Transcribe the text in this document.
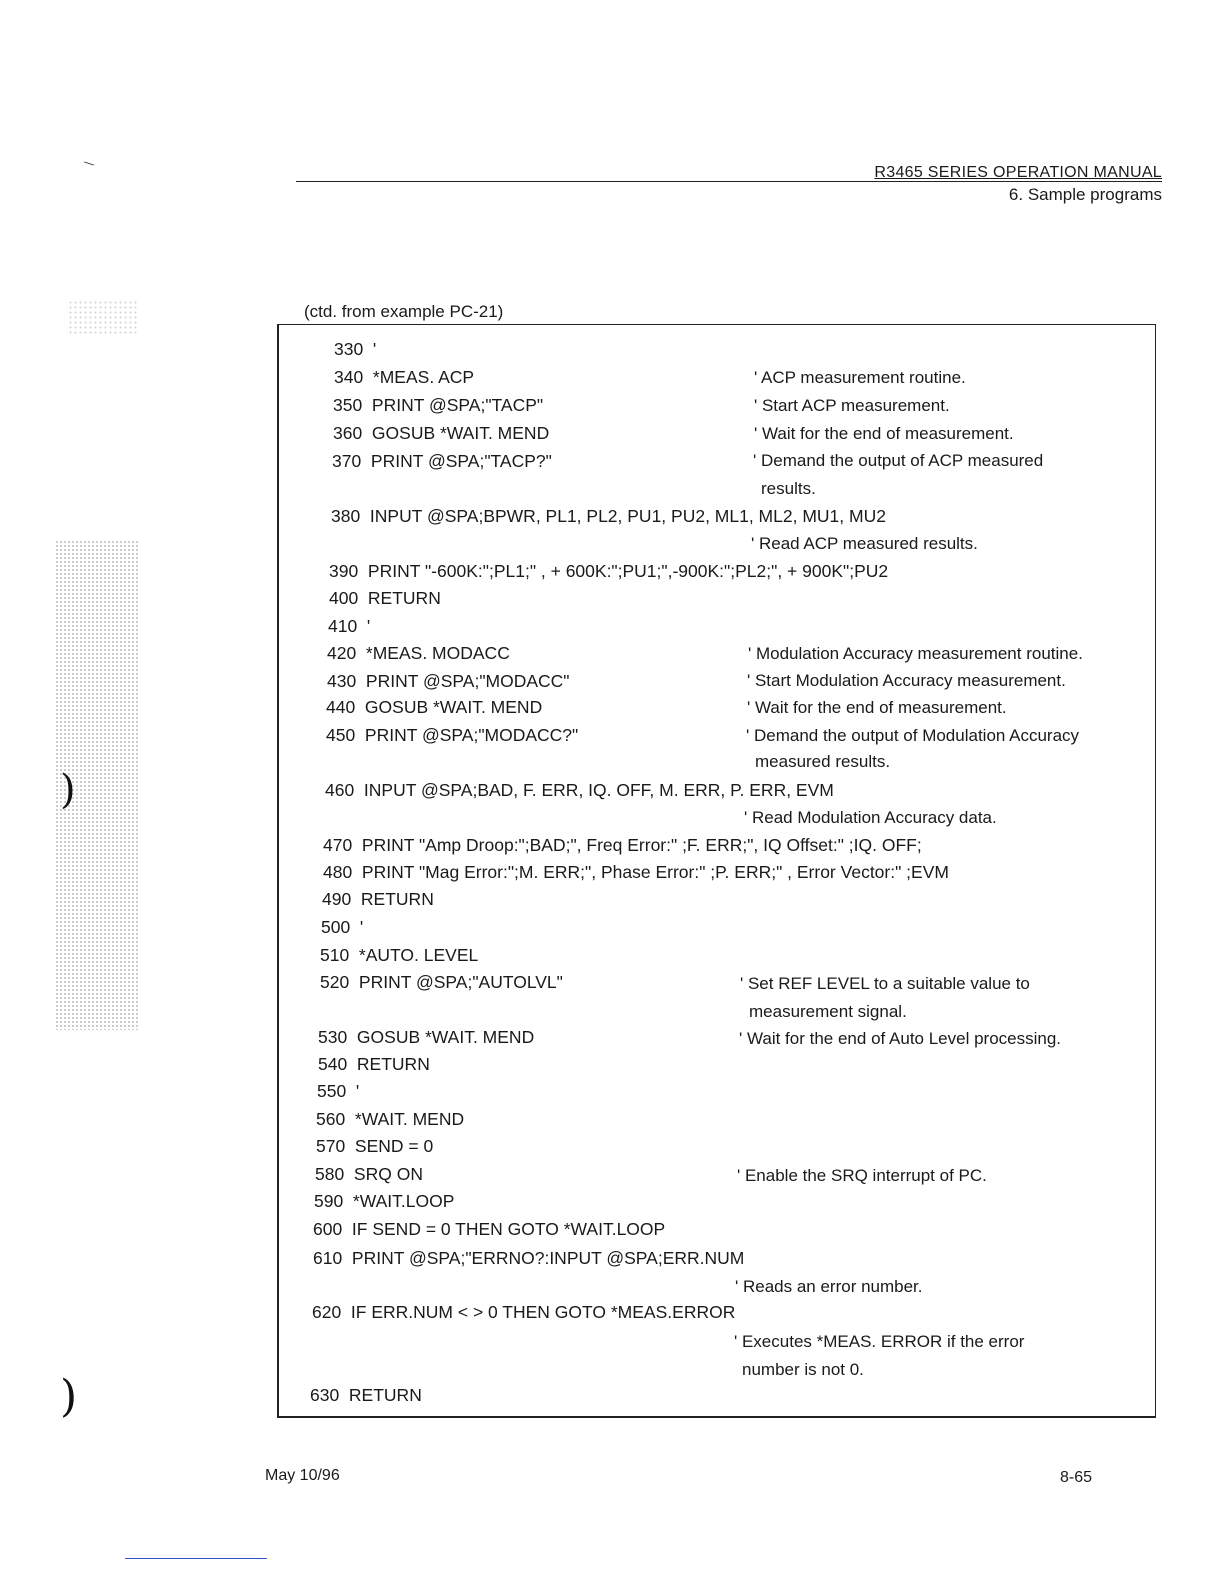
)
)
R3465 SERIES OPERATION MANUAL
6. Sample programs
(ctd. from example PC-21)
330  '
340  *MEAS. ACP
350  PRINT @SPA;"TACP"
360  GOSUB *WAIT. MEND
370  PRINT @SPA;"TACP?"
380  INPUT @SPA;BPWR, PL1, PL2, PU1, PU2, ML1, ML2, MU1, MU2
390  PRINT "-600K:";PL1;" , + 600K:";PU1;",-900K:";PL2;", + 900K";PU2
400  RETURN
410  '
420  *MEAS. MODACC
430  PRINT @SPA;"MODACC"
440  GOSUB *WAIT. MEND
450  PRINT @SPA;"MODACC?"
460  INPUT @SPA;BAD, F. ERR, IQ. OFF, M. ERR, P. ERR, EVM
470  PRINT "Amp Droop:";BAD;", Freq Error:" ;F. ERR;", IQ Offset:" ;IQ. OFF;
480  PRINT "Mag Error:";M. ERR;", Phase Error:" ;P. ERR;" , Error Vector:" ;EVM
490  RETURN
500  '
510  *AUTO. LEVEL
520  PRINT @SPA;"AUTOLVL"
530  GOSUB *WAIT. MEND
540  RETURN
550  '
560  *WAIT. MEND
570  SEND = 0
580  SRQ ON
590  *WAIT.LOOP
600  IF SEND = 0 THEN GOTO *WAIT.LOOP
610  PRINT @SPA;"ERRNO?:INPUT @SPA;ERR.NUM
620  IF ERR.NUM < > 0 THEN GOTO *MEAS.ERROR
630  RETURN
' ACP measurement routine.
' Start ACP measurement.
' Wait for the end of measurement.
' Demand the output of ACP measured
results.
' Read ACP measured results.
' Modulation Accuracy measurement routine.
' Start Modulation Accuracy measurement.
' Wait for the end of measurement.
' Demand the output of Modulation Accuracy
measured results.
' Read Modulation Accuracy data.
' Set REF LEVEL to a suitable value to
measurement signal.
' Wait for the end of Auto Level processing.
' Enable the SRQ interrupt of PC.
' Reads an error number.
' Executes *MEAS. ERROR if the error
number is not 0.
May 10/96	8-65
